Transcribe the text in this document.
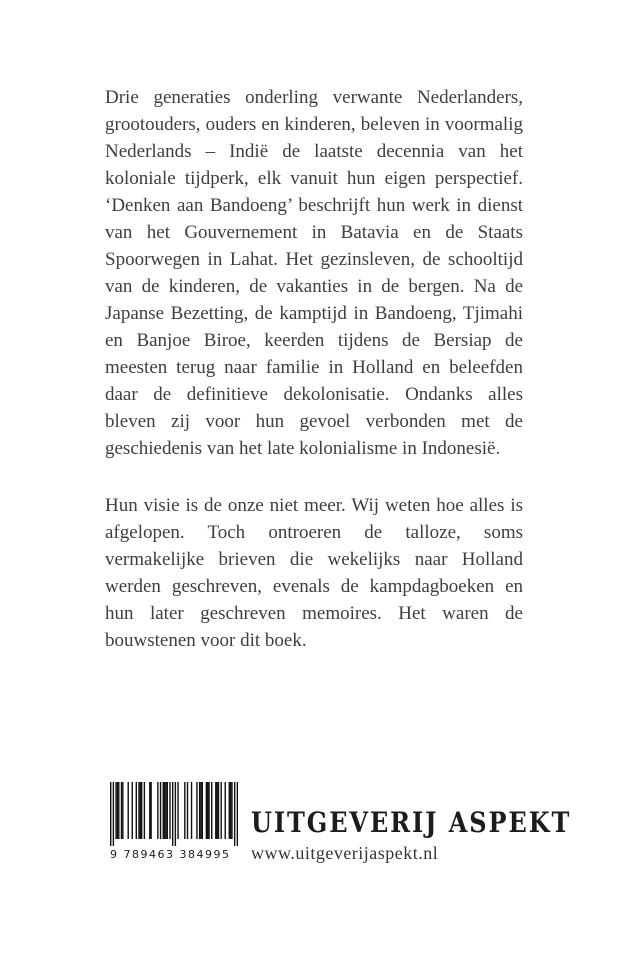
Drie generaties onderling verwante Nederlanders, grootouders, ouders en kinderen, beleven in voormalig Nederlands – Indië de laatste decennia van het koloniale tijdperk, elk vanuit hun eigen perspectief. ‘Denken aan Bandoeng’ beschrijft hun werk in dienst van het Gouvernement in Batavia en de Staats Spoorwegen in Lahat. Het gezinsleven, de schooltijd van de kinderen, de vakanties in de bergen. Na de Japanse Bezetting, de kamptijd in Bandoeng, Tjimahi en Banjoe Biroe, keerden tijdens de Bersiap de meesten terug naar familie in Holland en beleefden daar de definitieve dekolonisatie. Ondanks alles bleven zij voor hun gevoel verbonden met de geschiedenis van het late kolonialisme in Indonesië.

Hun visie is de onze niet meer. Wij weten hoe alles is afgelopen. Toch ontroeren de talloze, soms vermakelijke brieven die wekelijks naar Holland werden geschreven, evenals de kampdagboeken en hun later geschreven memoires. Het waren de bouwstenen voor dit boek.

9 789463 384995
UITGEVERIJ ASPEKT
www.uitgeverijaspekt.nl
